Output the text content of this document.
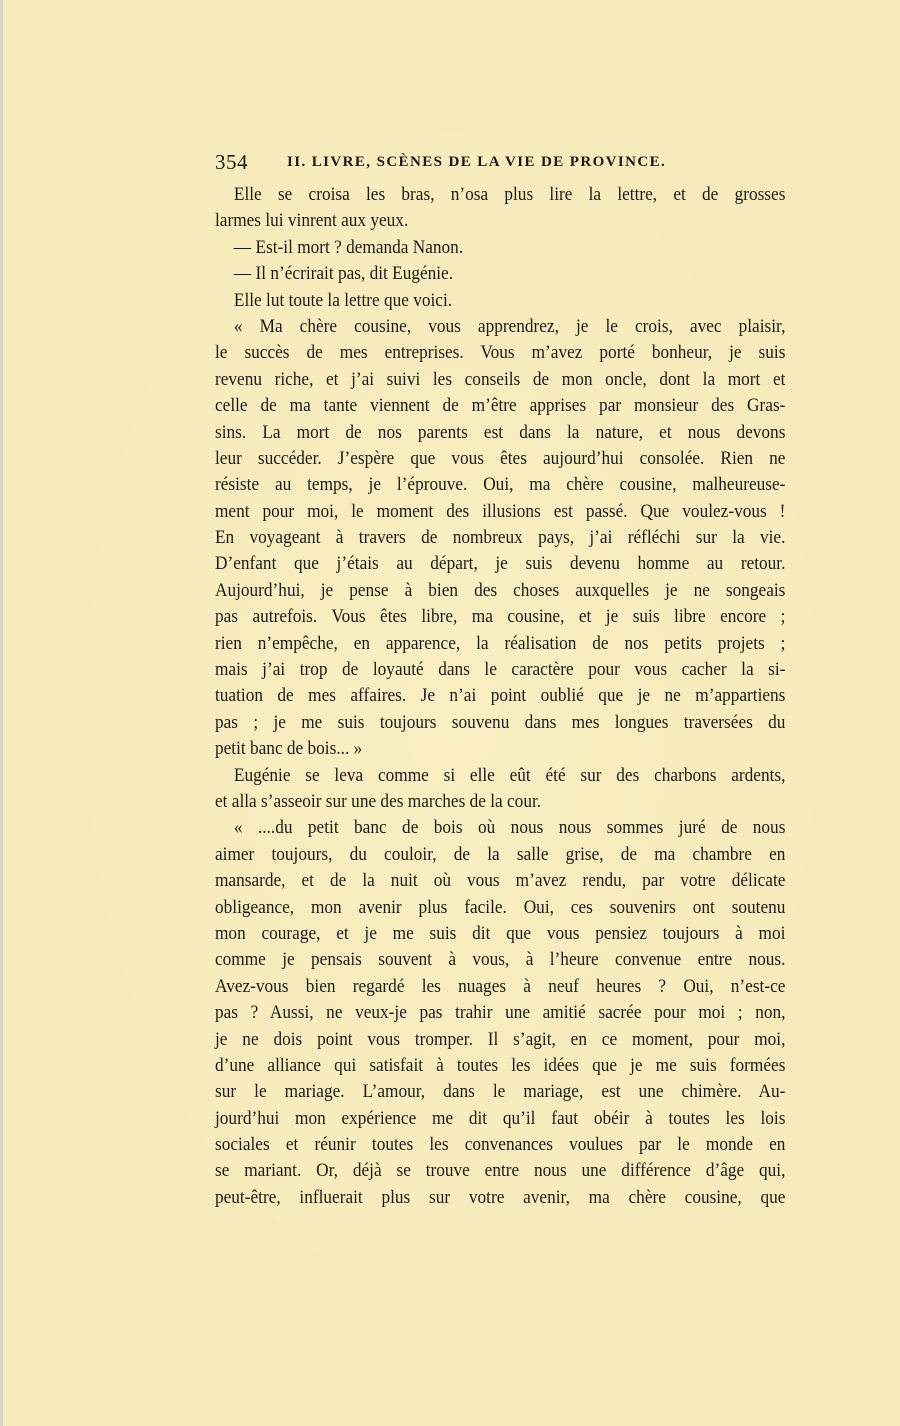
354	II. LIVRE, SCÈNES DE LA VIE DE PROVINCE.
Elle se croisa les bras, n’osa plus lire la lettre, et de grosses
larmes lui vinrent aux yeux.
— Est-il mort ? demanda Nanon.
— Il n’écrirait pas, dit Eugénie.
Elle lut toute la lettre que voici.
« Ma chère cousine, vous apprendrez, je le crois, avec plaisir,
le succès de mes entreprises. Vous m’avez porté bonheur, je suis
revenu riche, et j’ai suivi les conseils de mon oncle, dont la mort et
celle de ma tante viennent de m’être apprises par monsieur des Gras-
sins. La mort de nos parents est dans la nature, et nous devons
leur succéder. J’espère que vous êtes aujourd’hui consolée. Rien ne
résiste au temps, je l’éprouve. Oui, ma chère cousine, malheureuse-
ment pour moi, le moment des illusions est passé. Que voulez-vous !
En voyageant à travers de nombreux pays, j’ai réfléchi sur la vie.
D’enfant que j’étais au départ, je suis devenu homme au retour.
Aujourd’hui, je pense à bien des choses auxquelles je ne songeais
pas autrefois. Vous êtes libre, ma cousine, et je suis libre encore ;
rien n’empêche, en apparence, la réalisation de nos petits projets ;
mais j’ai trop de loyauté dans le caractère pour vous cacher la si-
tuation de mes affaires. Je n’ai point oublié que je ne m’appartiens
pas ; je me suis toujours souvenu dans mes longues traversées du
petit banc de bois... »
Eugénie se leva comme si elle eût été sur des charbons ardents,
et alla s’asseoir sur une des marches de la cour.
« ....du petit banc de bois où nous nous sommes juré de nous
aimer toujours, du couloir, de la salle grise, de ma chambre en
mansarde, et de la nuit où vous m’avez rendu, par votre délicate
obligeance, mon avenir plus facile. Oui, ces souvenirs ont soutenu
mon courage, et je me suis dit que vous pensiez toujours à moi
comme je pensais souvent à vous, à l’heure convenue entre nous.
Avez-vous bien regardé les nuages à neuf heures ? Oui, n’est-ce
pas ? Aussi, ne veux-je pas trahir une amitié sacrée pour moi ; non,
je ne dois point vous tromper. Il s’agit, en ce moment, pour moi,
d’une alliance qui satisfait à toutes les idées que je me suis formées
sur le mariage. L’amour, dans le mariage, est une chimère. Au-
jourd’hui mon expérience me dit qu’il faut obéir à toutes les lois
sociales et réunir toutes les convenances voulues par le monde en
se mariant. Or, déjà se trouve entre nous une différence d’âge qui,
peut-être, influerait plus sur votre avenir, ma chère cousine, que
